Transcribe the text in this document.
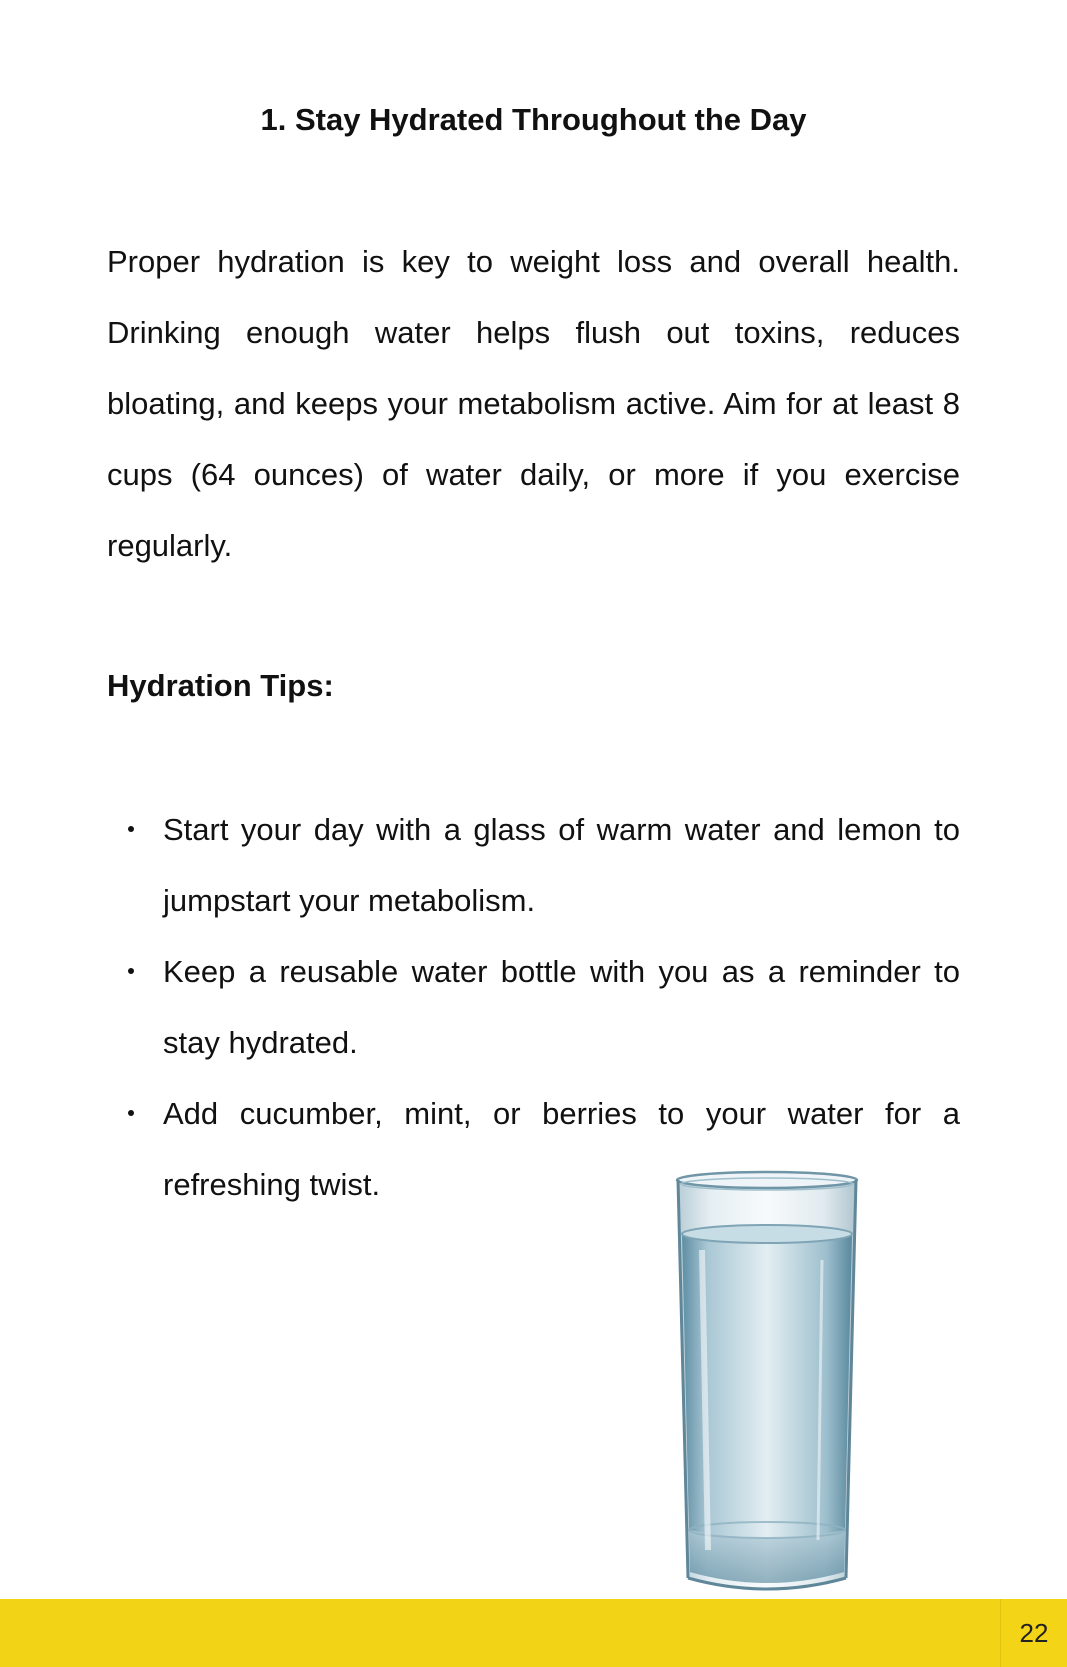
1. Stay Hydrated Throughout the Day

Proper hydration is key to weight loss and overall health. Drinking enough water helps flush out toxins, reduces bloating, and keeps your metabolism active. Aim for at least 8 cups (64 ounces) of water daily, or more if you exercise regularly.

Hydration Tips:
Start your day with a glass of warm water and lemon to jumpstart your metabolism.
Keep a reusable water bottle with you as a reminder to stay hydrated.
Add cucumber, mint, or berries to your water for a refreshing twist.
22
